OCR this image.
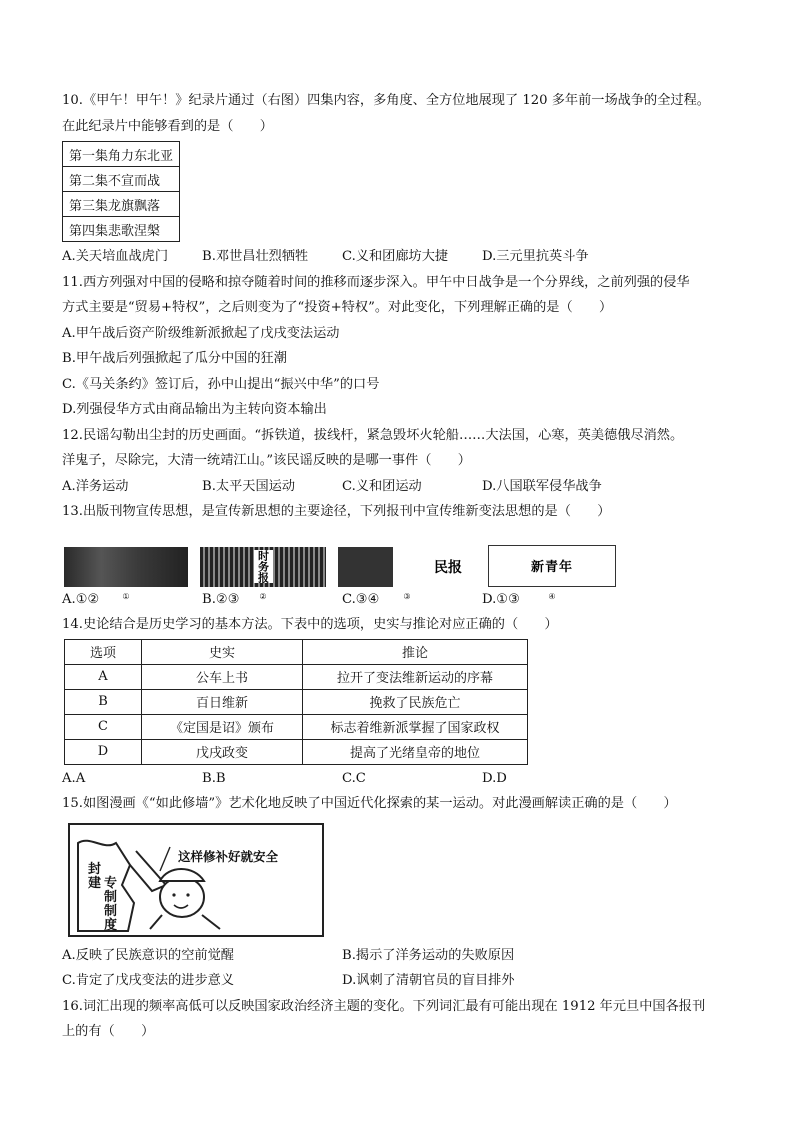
10.《甲午！甲午！》纪录片通过（右图）四集内容，多角度、全方位地展现了 120 多年前一场战争的全过程。
在此纪录片中能够看到的是（　　）
第一集角力东北亚
第二集不宣而战
第三集龙旗飘落
第四集悲歌涅槃
A.关天培血战虎门	B.邓世昌壮烈牺牲	C.义和团廊坊大捷	D.三元里抗英斗争
11.西方列强对中国的侵略和掠夺随着时间的推移而逐步深入。甲午中日战争是一个分界线，之前列强的侵华
方式主要是“贸易+特权”，之后则变为了“投资+特权”。对此变化，下列理解正确的是（　　）
A.甲午战后资产阶级维新派掀起了戊戌变法运动
B.甲午战后列强掀起了瓜分中国的狂潮
C.《马关条约》签订后，孙中山提出“振兴中华”的口号
D.列强侵华方式由商品输出为主转向资本输出
12.民谣勾勒出尘封的历史画面。“拆铁道，拔线杆，紧急毁坏火轮船……大法国，心寒，英美德俄尽消然。
洋鬼子，尽除完，大清一统靖江山。”该民谣反映的是哪一事件（　　）
A.洋务运动	B.太平天国运动	C.义和团运动	D.八国联军侵华战争
13.出版刊物宣传思想，是宣传新思想的主要途径，下列报刊中宣传维新变法思想的是（　　）
①
时务报
②
民报
③
新青年
④
A.①②	B.②③	C.③④	D.①③
14.史论结合是历史学习的基本方法。下表中的选项，史实与推论对应正确的（　　）
选项	史实	推论
A	公车上书	拉开了变法维新运动的序幕
B	百日维新	挽救了民族危亡
C	《定国是诏》颁布	标志着维新派掌握了国家政权
D	戊戌政变	提高了光绪皇帝的地位
A.A	B.B	C.C	D.D
15.如图漫画《“如此修墙”》艺术化地反映了中国近代化探索的某一运动。对此漫画解读正确的是（　　）
这样修补好就安全
封建 专制制度
A.反映了民族意识的空前觉醒	B.揭示了洋务运动的失败原因
C.肯定了戊戌变法的进步意义	D.讽刺了清朝官员的盲目排外
16.词汇出现的频率高低可以反映国家政治经济主题的变化。下列词汇最有可能出现在 1912 年元旦中国各报刊
上的有（　　）
